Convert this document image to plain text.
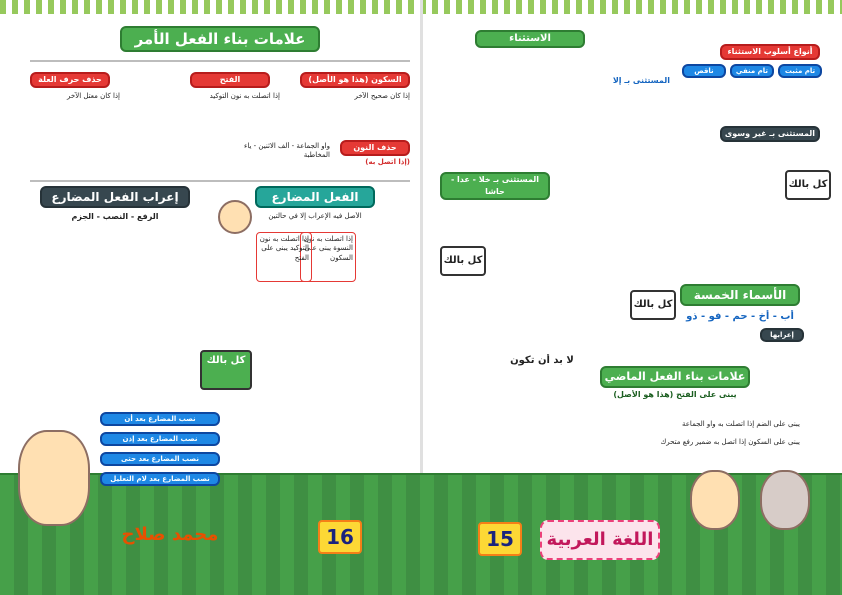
علامات بناء الفعل الأمر
حذف حرف العلة	الفتح	السكون (هذا هو الأصل)
إذا كان معتل الآخر	إذا اتصلت به نون التوكيد	إذا كان صحيح الآخر
حذف النون
(إذا اتصل به)
واو الجماعة - ألف الاثنين - ياء المخاطبة
إعراب الفعل المضارع
الرفع - النصب - الجزم
الفعل المضارع
الأصل فيه الإعراب إلا في حالتين
إذا اتصلت به نون النسوة يبنى على السكون
إذا اتصلت به نون التوكيد يبنى على الفتح
كل بالك
نصب المضارع بعد أن
نصب المضارع بعد إذن
نصب المضارع بعد حتى
نصب المضارع بعد لام التعليل
محمد صلاح	16
الاستثناء
أنواع أسلوب الاستثناء
تام مثبت
تام منفي
ناقص منفي
المستثنى بـ غير وسوى
المستثنى بـ خلا - عدا - حاشا
المستثنى بـ إلا
كل بالك
كل بالك
كل بالك
الأسماء الخمسة
أب - أخ - حم - فو - ذو
إعرابها
لا بد أن تكون
علامات بناء الفعل الماضي
يبنى على الفتح (هذا هو الأصل)
يبنى على الضم إذا اتصلت به واو الجماعة
يبنى على السكون إذا اتصل به ضمير رفع متحرك
15	اللغة العربية
